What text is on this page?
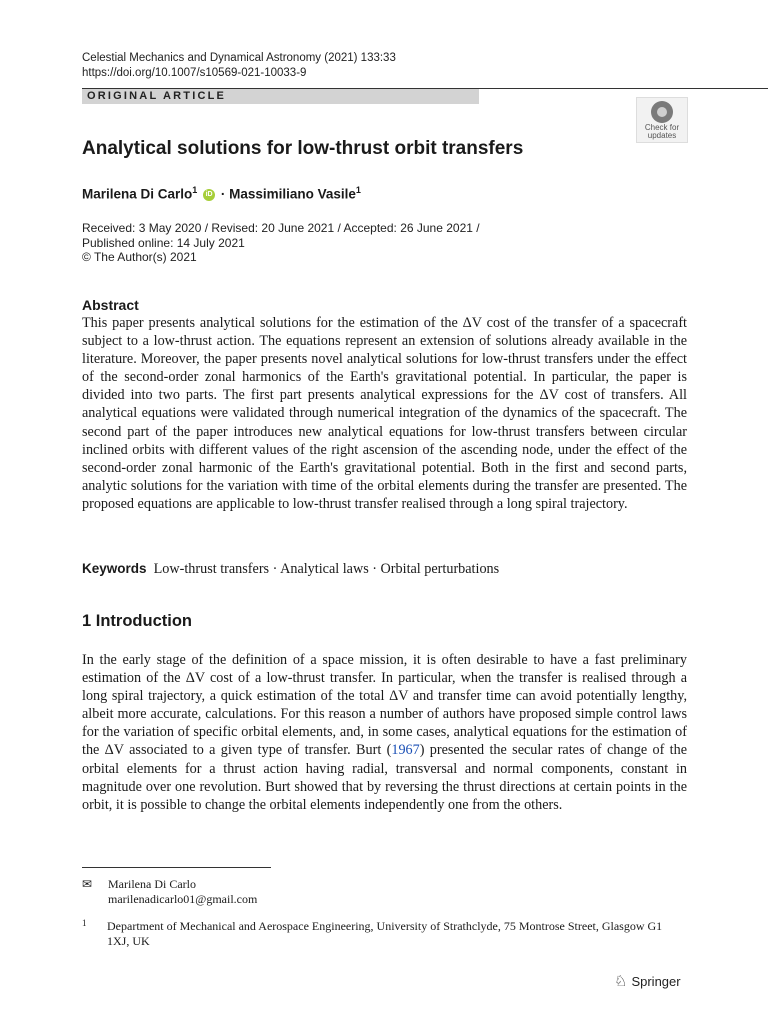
Celestial Mechanics and Dynamical Astronomy (2021) 133:33
https://doi.org/10.1007/s10569-021-10033-9
ORIGINAL ARTICLE
Check for
updates
Analytical solutions for low-thrust orbit transfers
Marilena Di Carlo$^1$ iD · Massimiliano Vasile$^1$
Received: 3 May 2020 / Revised: 20 June 2021 / Accepted: 26 June 2021 /
Published online: 14 July 2021
© The Author(s) 2021
Abstract
This paper presents analytical solutions for the estimation of the ΔV cost of the transfer of a spacecraft subject to a low-thrust action. The equations represent an extension of solutions already available in the literature. Moreover, the paper presents novel analytical solutions for low-thrust transfers under the effect of the second-order zonal harmonics of the Earth's gravitational potential. In particular, the paper is divided into two parts. The first part presents analytical expressions for the ΔV cost of transfers. All analytical equations were validated through numerical integration of the dynamics of the spacecraft. The second part of the paper introduces new analytical equations for low-thrust transfers between circular inclined orbits with different values of the right ascension of the ascending node, under the effect of the second-order zonal harmonic of the Earth's gravitational potential. Both in the first and second parts, analytic solutions for the variation with time of the orbital elements during the transfer are presented. The proposed equations are applicable to low-thrust transfer realised through a long spiral trajectory.
Keywords Low-thrust transfers · Analytical laws · Orbital perturbations
1 Introduction
In the early stage of the definition of a space mission, it is often desirable to have a fast preliminary estimation of the ΔV cost of a low-thrust transfer. In particular, when the transfer is realised through a long spiral trajectory, a quick estimation of the total ΔV and transfer time can avoid potentially lengthy, albeit more accurate, calculations. For this reason a number of authors have proposed simple control laws for the variation of specific orbital elements, and, in some cases, analytical equations for the estimation of the ΔV associated to a given type of transfer. Burt (1967) presented the secular rates of change of the orbital elements for a thrust action having radial, transversal and normal components, constant in magnitude over one revolution. Burt showed that by reversing the thrust directions at certain points in the orbit, it is possible to change the orbital elements independently one from the others.
✉ Marilena Di Carlo
marilenadicarlo01@gmail.com
1	Department of Mechanical and Aerospace Engineering, University of Strathclyde, 75 Montrose Street, Glasgow G1 1XJ, UK
♘ Springer
